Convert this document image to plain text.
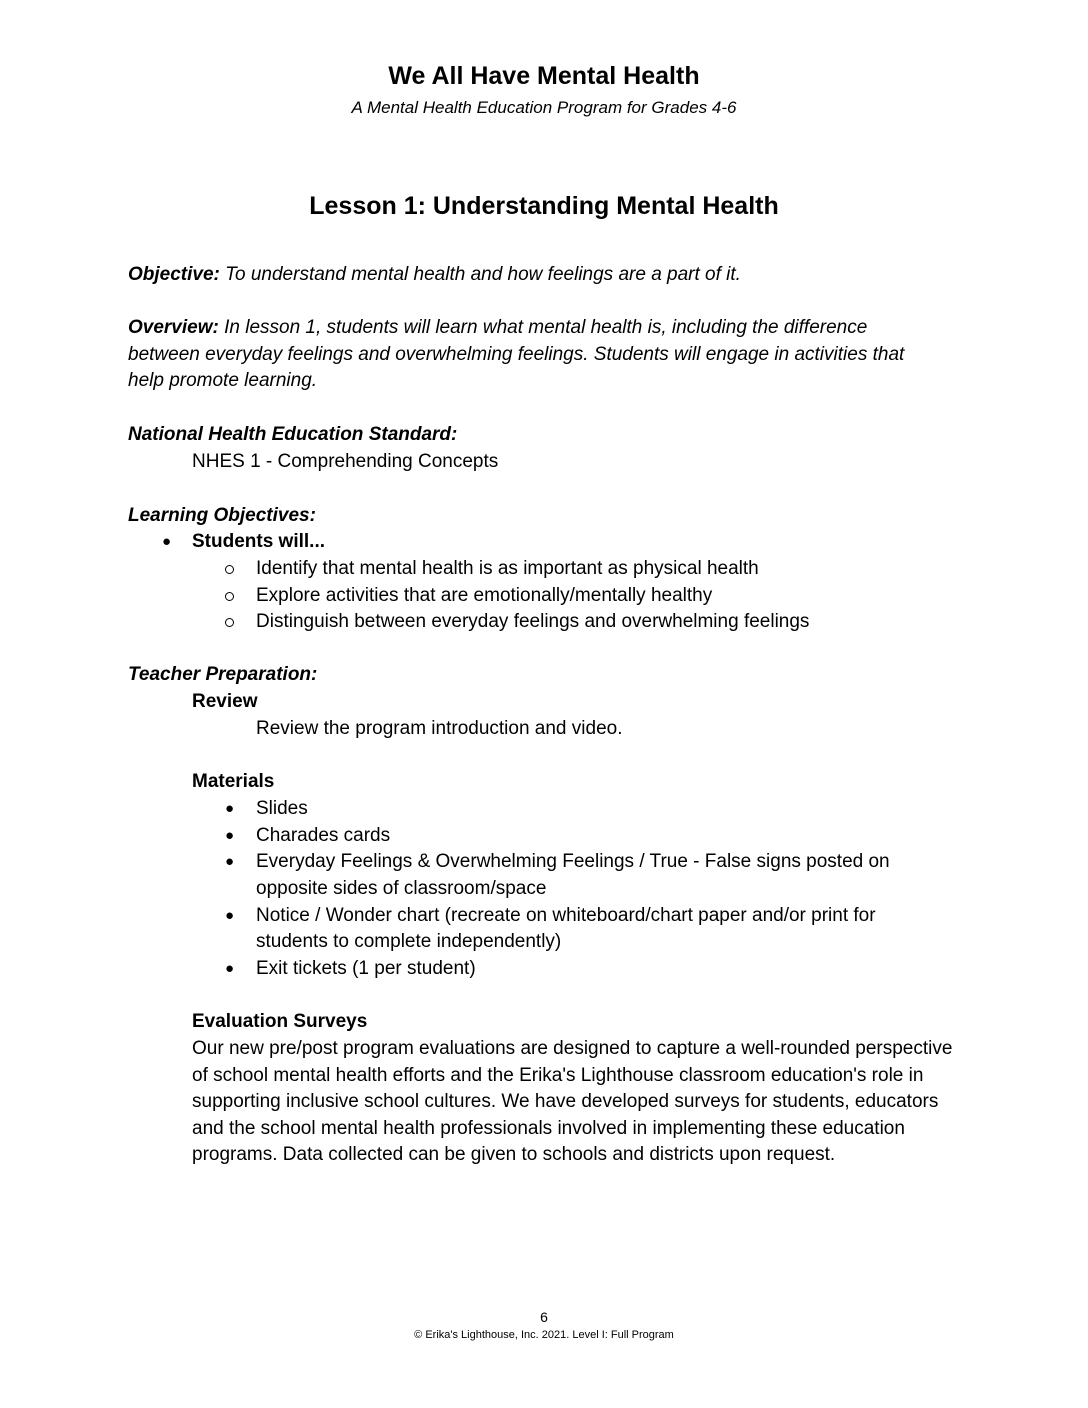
We All Have Mental Health
A Mental Health Education Program for Grades 4-6
Lesson 1: Understanding Mental Health
Objective: To understand mental health and how feelings are a part of it.
Overview: In lesson 1, students will learn what mental health is, including the difference between everyday feelings and overwhelming feelings. Students will engage in activities that help promote learning.
National Health Education Standard:
NHES 1 - Comprehending Concepts
Learning Objectives:
● Students will...
Identify that mental health is as important as physical health
Explore activities that are emotionally/mentally healthy
Distinguish between everyday feelings and overwhelming feelings
Teacher Preparation:
Review
Review the program introduction and video.
Materials
● Slides
● Charades cards
● Everyday Feelings & Overwhelming Feelings / True - False signs posted on
opposite sides of classroom/space
● Notice / Wonder chart (recreate on whiteboard/chart paper and/or print for
students to complete independently)
● Exit tickets (1 per student)
Evaluation Surveys
Our new pre/post program evaluations are designed to capture a well-rounded perspective of school mental health efforts and the Erika's Lighthouse classroom education's role in supporting inclusive school cultures. We have developed surveys for students, educators and the school mental health professionals involved in implementing these education programs. Data collected can be given to schools and districts upon request.
6
© Erika's Lighthouse, Inc. 2021. Level I: Full Program
